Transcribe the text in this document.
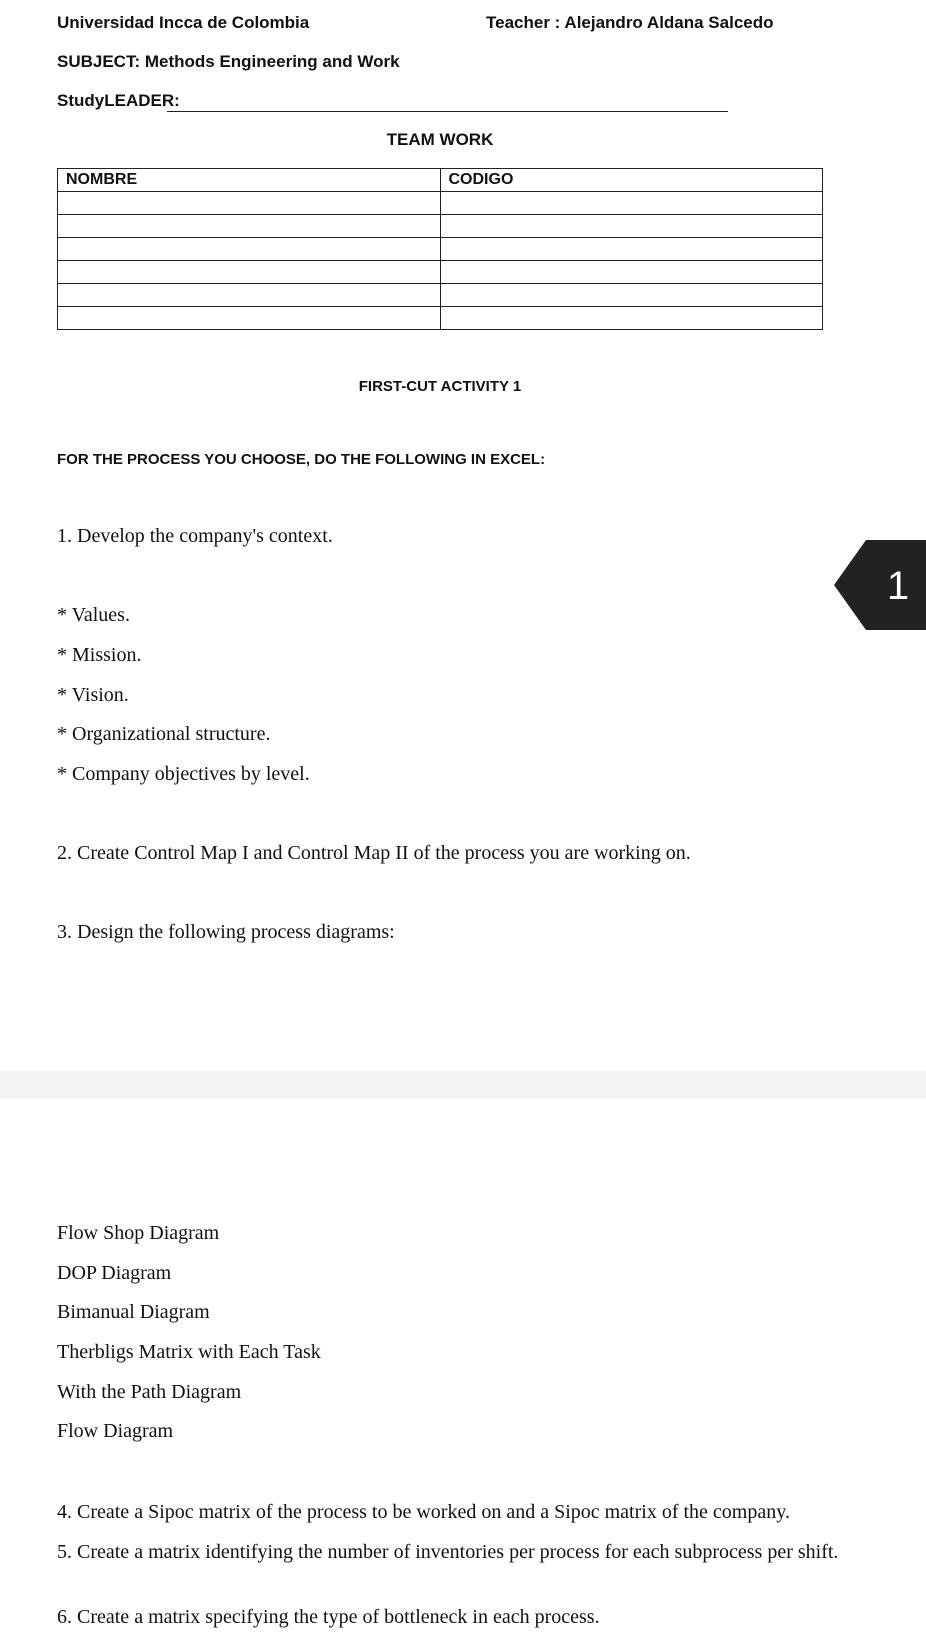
Universidad Incca de Colombia	Teacher : Alejandro Aldana Salcedo
SUBJECT: Methods Engineering and Work
StudyLEADER:
TEAM WORK
NOMBRE	CODIGO

FIRST-CUT ACTIVITY 1
FOR THE PROCESS YOU CHOOSE, DO THE FOLLOWING IN EXCEL:
1. Develop the company's context.
* Values.
* Mission.
* Vision.
* Organizational structure.
* Company objectives by level.
2. Create Control Map I and Control Map II of the process you are working on.
3. Design the following process diagrams:
Flow Shop Diagram
DOP Diagram
Bimanual Diagram
Therbligs Matrix with Each Task
With the Path Diagram
Flow Diagram
4. Create a Sipoc matrix of the process to be worked on and a Sipoc matrix of the company.
5. Create a matrix identifying the number of inventories per process for each subprocess per shift.
6. Create a matrix specifying the type of bottleneck in each process.
1
